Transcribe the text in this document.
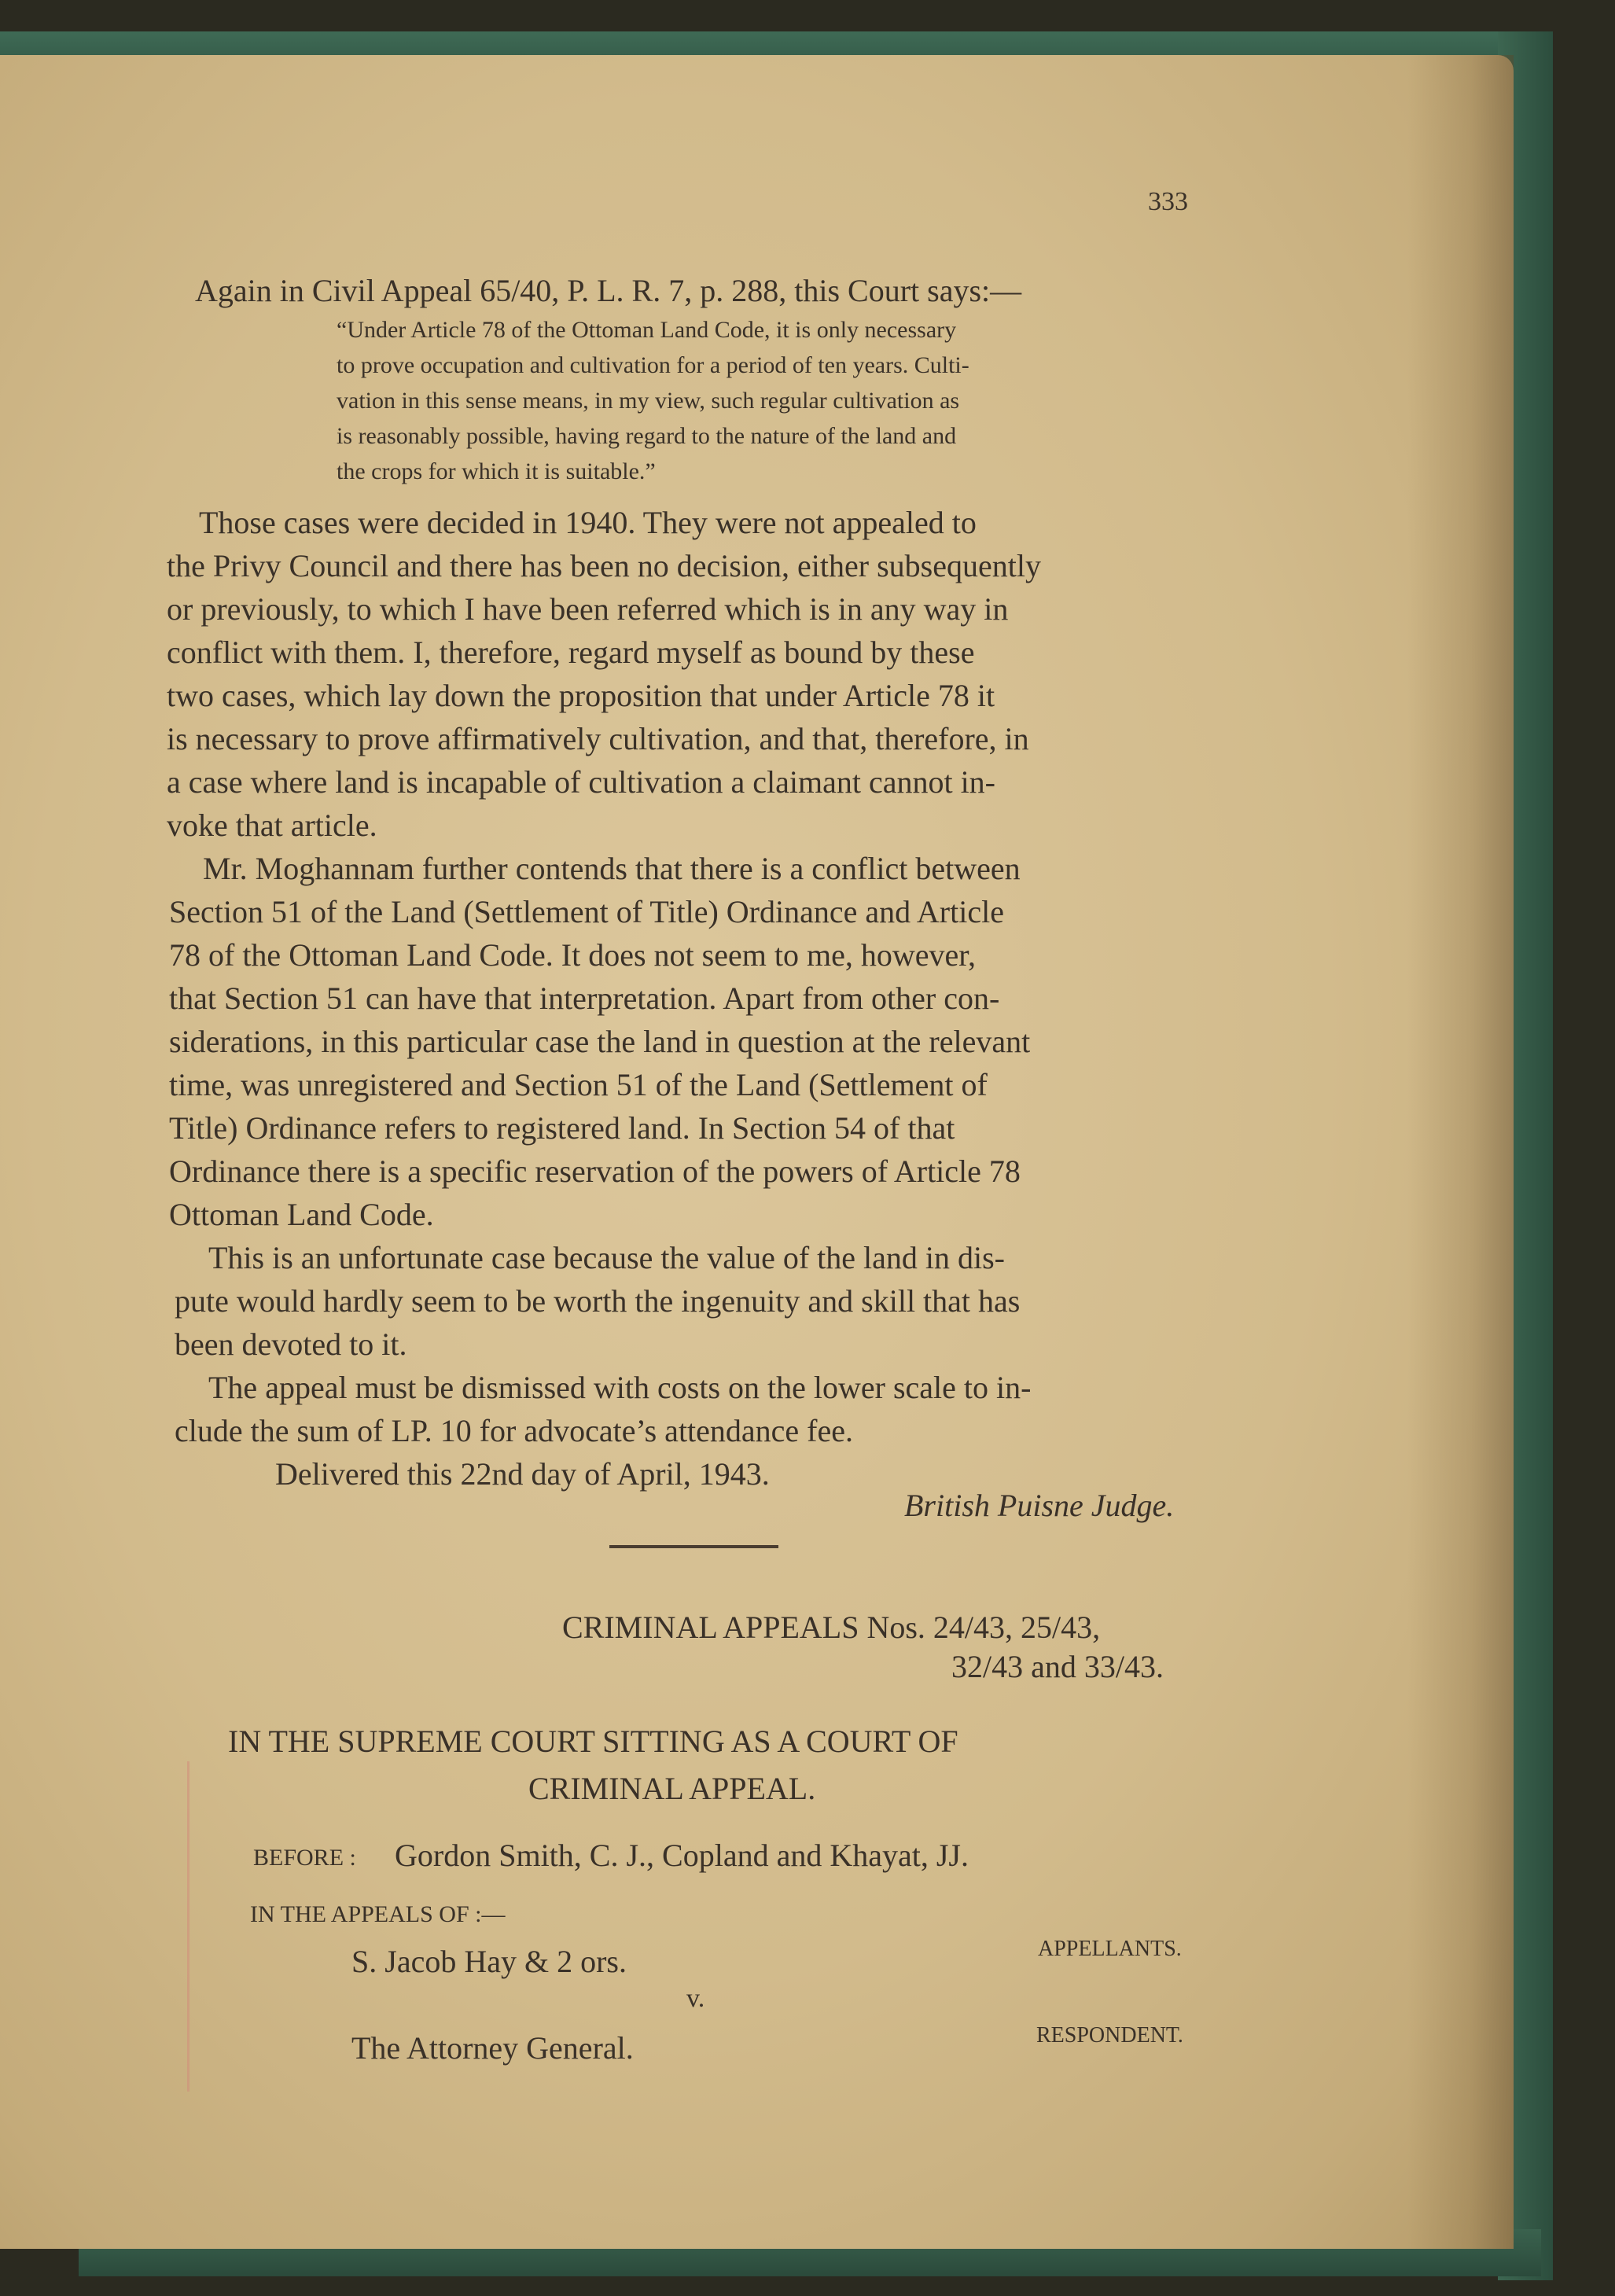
333
Again in Civil Appeal 65/40, P. L. R. 7, p. 288, this Court says:—
“Under Article 78 of the Ottoman Land Code, it is only necessary
to prove occupation and cultivation for a period of ten years. Culti-
vation in this sense means, in my view, such regular cultivation as
is reasonably possible, having regard to the nature of the land and
the crops for which it is suitable.”
Those cases were decided in 1940. They were not appealed to
the Privy Council and there has been no decision, either subsequently
or previously, to which I have been referred which is in any way in
conflict with them. I, therefore, regard myself as bound by these
two cases, which lay down the proposition that under Article 78 it
is necessary to prove affirmatively cultivation, and that, therefore, in
a case where land is incapable of cultivation a claimant cannot in-
voke that article.
Mr. Moghannam further contends that there is a conflict between
Section 51 of the Land (Settlement of Title) Ordinance and Article
78 of the Ottoman Land Code. It does not seem to me, however,
that Section 51 can have that interpretation. Apart from other con-
siderations, in this particular case the land in question at the relevant
time, was unregistered and Section 51 of the Land (Settlement of
Title) Ordinance refers to registered land. In Section 54 of that
Ordinance there is a specific reservation of the powers of Article 78
Ottoman Land Code.
This is an unfortunate case because the value of the land in dis-
pute would hardly seem to be worth the ingenuity and skill that has
been devoted to it.
The appeal must be dismissed with costs on the lower scale to in-
clude the sum of LP. 10 for advocate’s attendance fee.
Delivered this 22nd day of April, 1943.
British Puisne Judge.
CRIMINAL APPEALS Nos. 24/43, 25/43,
32/43 and 33/43.
IN THE SUPREME COURT SITTING AS A COURT OF
CRIMINAL APPEAL.
BEFORE : Gordon Smith, C. J., Copland and Khayat, JJ.
IN THE APPEALS OF :—
S. Jacob Hay & 2 ors.	APPELLANTS.
v.
The Attorney General.	RESPONDENT.
